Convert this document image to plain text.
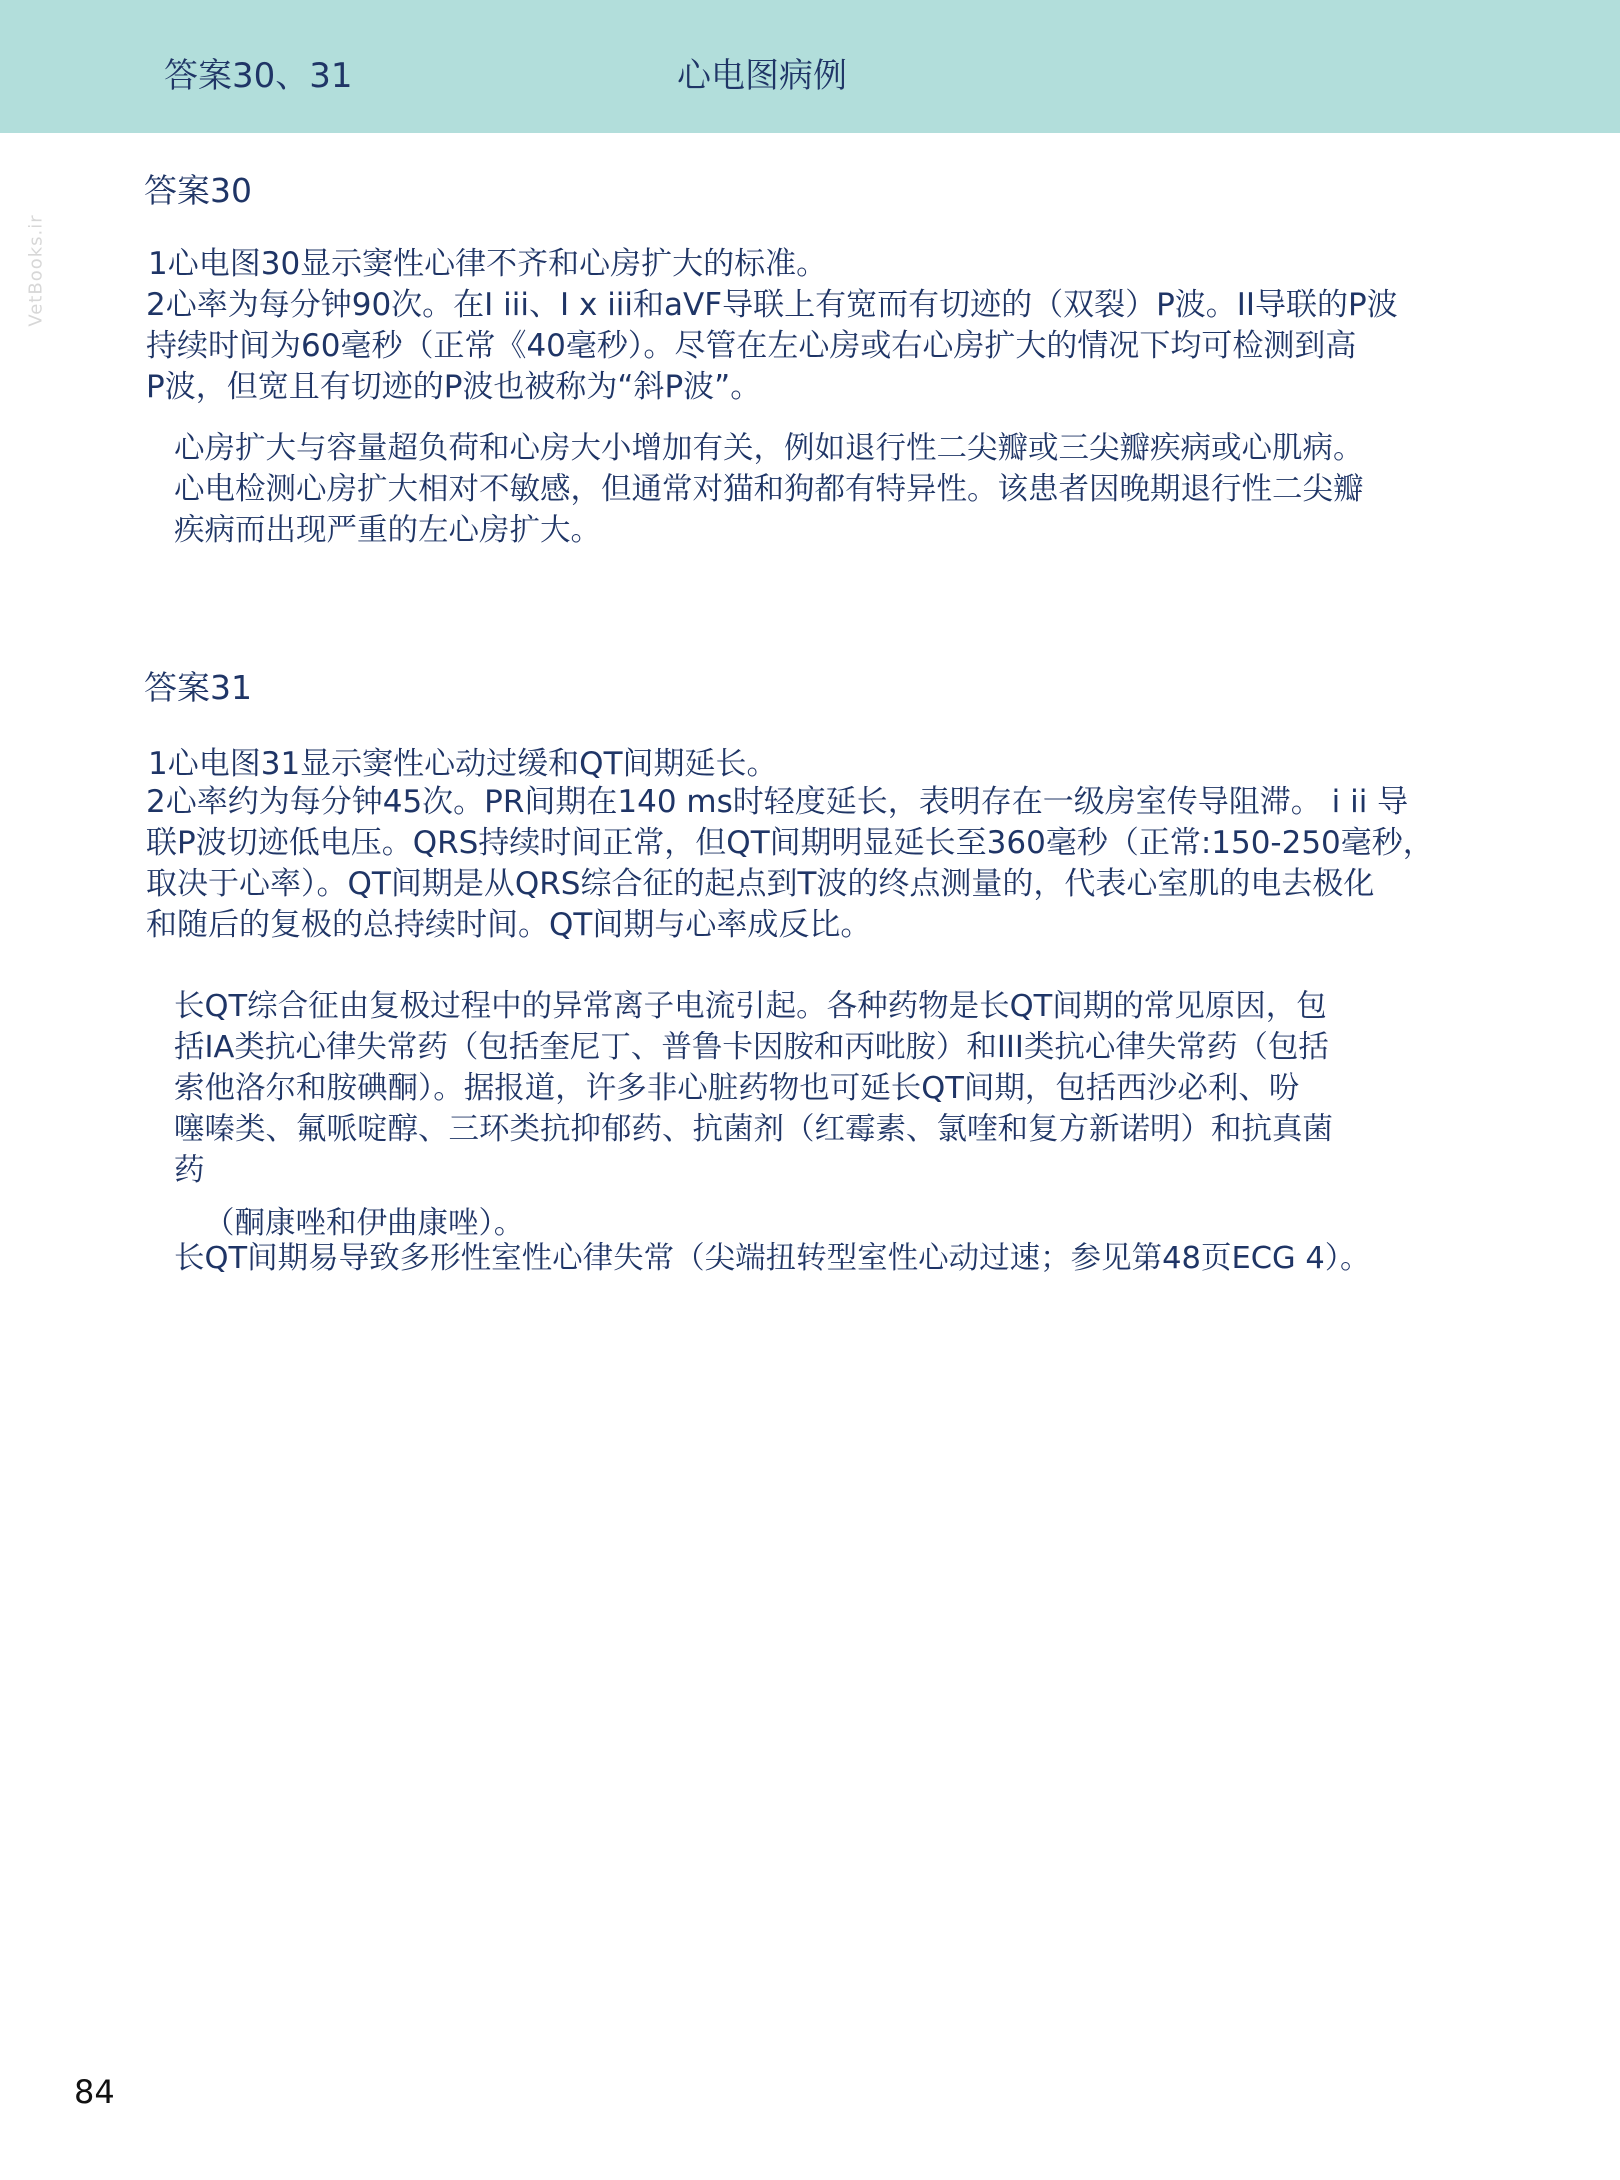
答案30、31	心电图病例
VetBooks.ir
答案30
1心电图30显示窦性心律不齐和心房扩大的标准。
2心率为每分钟90次。在I iii、I x iii和aVF导联上有宽而有切迹的（双裂）P波。II导联的P波
持续时间为60毫秒（正常《40毫秒）。尽管在左心房或右心房扩大的情况下均可检测到高
P波，但宽且有切迹的P波也被称为“斜P波”。
心房扩大与容量超负荷和心房大小增加有关，例如退行性二尖瓣或三尖瓣疾病或心肌病。
心电检测心房扩大相对不敏感，但通常对猫和狗都有特异性。该患者因晚期退行性二尖瓣
疾病而出现严重的左心房扩大。
答案31
1心电图31显示窦性心动过缓和QT间期延长。
2心率约为每分钟45次。PR间期在140 ms时轻度延长，表明存在一级房室传导阻滞。 i ii 导
联P波切迹低电压。QRS持续时间正常，但QT间期明显延长至360毫秒（正常:150-250毫秒，
取决于心率）。QT间期是从QRS综合征的起点到T波的终点测量的，代表心室肌的电去极化
和随后的复极的总持续时间。QT间期与心率成反比。
长QT综合征由复极过程中的异常离子电流引起。各种药物是长QT间期的常见原因，包
括IA类抗心律失常药（包括奎尼丁、普鲁卡因胺和丙吡胺）和III类抗心律失常药（包括
索他洛尔和胺碘酮）。据报道，许多非心脏药物也可延长QT间期，包括西沙必利、吩
噻嗪类、氟哌啶醇、三环类抗抑郁药、抗菌剂（红霉素、氯喹和复方新诺明）和抗真菌
药
（酮康唑和伊曲康唑）。
长QT间期易导致多形性室性心律失常（尖端扭转型室性心动过速；参见第48页ECG 4）。
84
